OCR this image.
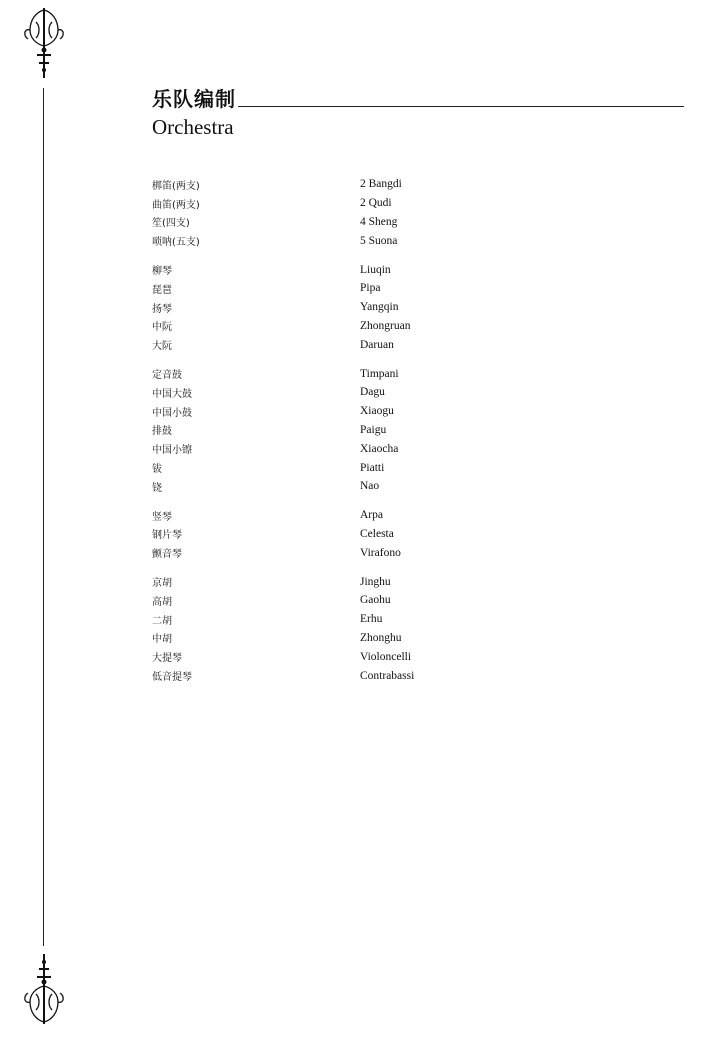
乐队编制
Orchestra
梆笛(两支)	2 Bangdi
曲笛(两支)	2 Qudi
笙(四支)	4 Sheng
唢呐(五支)	5 Suona
柳琴	Liuqin
琵琶	Pipa
扬琴	Yangqin
中阮	Zhongruan
大阮	Daruan
定音鼓	Timpani
中国大鼓	Dagu
中国小鼓	Xiaogu
排鼓	Paigu
中国小镲	Xiaocha
钹	Piatti
铙	Nao
竖琴	Arpa
钢片琴	Celesta
颤音琴	Virafono
京胡	Jinghu
高胡	Gaohu
二胡	Erhu
中胡	Zhonghu
大提琴	Violoncelli
低音提琴	Contrabassi
